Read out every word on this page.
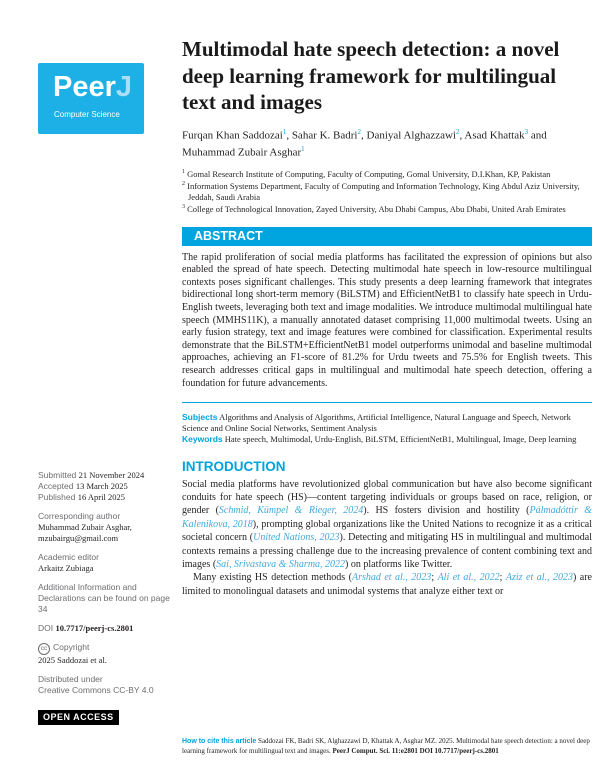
PeerJ
Computer Science
Submitted 21 November 2024
Accepted 13 March 2025
Published 16 April 2025
Corresponding author
Muhammad Zubair Asghar,
mzubairgu@gmail.com
Academic editor
Arkaitz Zubiaga
Additional Information and Declarations can be found on page 34
DOI 10.7717/peerj-cs.2801
cc Copyright
2025 Saddozai et al.
Distributed under
Creative Commons CC-BY 4.0
OPEN ACCESS
Multimodal hate speech detection: a novel deep learning framework for multilingual text and images
Furqan Khan Saddozai$^1$, Sahar K. Badri$^2$, Daniyal Alghazzawi$^2$, Asad Khattak$^3$ and Muhammad Zubair Asghar$^1$
$^1$ Gomal Research Institute of Computing, Faculty of Computing, Gomal University, D.I.Khan, KP, Pakistan
$^2$ Information Systems Department, Faculty of Computing and Information Technology, King Abdul Aziz University, Jeddah, Saudi Arabia
$^3$ College of Technological Innovation, Zayed University, Abu Dhabi Campus, Abu Dhabi, United Arab Emirates
ABSTRACT
The rapid proliferation of social media platforms has facilitated the expression of opinions but also enabled the spread of hate speech. Detecting multimodal hate speech in low-resource multilingual contexts poses significant challenges. This study presents a deep learning framework that integrates bidirectional long short-term memory (BiLSTM) and EfficientNetB1 to classify hate speech in Urdu-English tweets, leveraging both text and image modalities. We introduce multimodal multilingual hate speech (MMHS11K), a manually annotated dataset comprising 11,000 multimodal tweets. Using an early fusion strategy, text and image features were combined for classification. Experimental results demonstrate that the BiLSTM+EfficientNetB1 model outperforms unimodal and baseline multimodal approaches, achieving an F1-score of 81.2% for Urdu tweets and 75.5% for English tweets. This research addresses critical gaps in multilingual and multimodal hate speech detection, offering a foundation for future advancements.
Subjects Algorithms and Analysis of Algorithms, Artificial Intelligence, Natural Language and Speech, Network Science and Online Social Networks, Sentiment Analysis
Keywords Hate speech, Multimodal, Urdu-English, BiLSTM, EfficientNetB1, Multilingual, Image, Deep learning
INTRODUCTION
Social media platforms have revolutionized global communication but have also become significant conduits for hate speech (HS)—content targeting individuals or groups based on race, religion, or gender (Schmid, Kümpel & Rieger, 2024). HS fosters division and hostility (Pálmadóttir & Kalenikova, 2018), prompting global organizations like the United Nations to recognize it as a critical societal concern (United Nations, 2023). Detecting and mitigating HS in multilingual and multimodal contexts remains a pressing challenge due to the increasing prevalence of content combining text and images (Sai, Srivastava & Sharma, 2022) on platforms like Twitter.
Many existing HS detection methods (Arshad et al., 2023; Ali et al., 2022; Aziz et al., 2023) are limited to monolingual datasets and unimodal systems that analyze either text or
How to cite this article Saddozai FK, Badri SK, Alghazzawi D, Khattak A, Asghar MZ. 2025. Multimodal hate speech detection: a novel deep learning framework for multilingual text and images. PeerJ Comput. Sci. 11:e2801 DOI 10.7717/peerj-cs.2801
